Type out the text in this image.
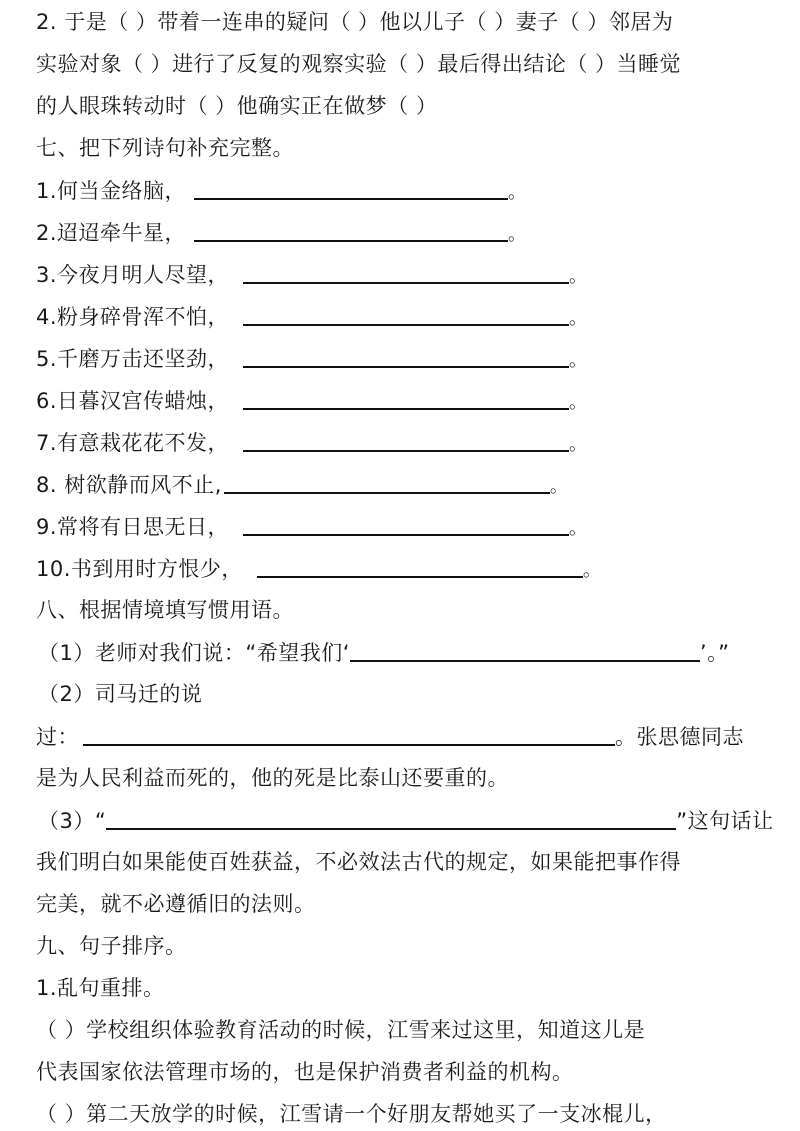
2. 于是（ ）带着一连串的疑问（ ）他以儿子（ ）妻子（ ）邻居为
实验对象（ ）进行了反复的观察实验（ ）最后得出结论（ ）当睡觉
的人眼珠转动时（ ）他确实正在做梦（ ）
七、把下列诗句补充完整。
1.何当金络脑，	。
2.迢迢牵牛星，	。
3.今夜月明人尽望，	。
4.粉身碎骨浑不怕，	。
5.千磨万击还坚劲，	。
6.日暮汉宫传蜡烛，	。
7.有意栽花花不发，	。
8. 树欲静而风不止,	。
9.常将有日思无日，	。
10.书到用时方恨少，	。
八、根据情境填写惯用语。
（1）老师对我们说：“希望我们‘	’。”
（2）司马迁的说
过：	。张思德同志
是为人民利益而死的，他的死是比泰山还要重的。
（3）“	”这句话让
我们明白如果能使百姓获益，不必效法古代的规定，如果能把事作得
完美，就不必遵循旧的法则。
九、句子排序。
1.乱句重排。
（ ）学校组织体验教育活动的时候，江雪来过这里，知道这儿是
代表国家依法管理市场的，也是保护消费者利益的机构。
（ ）第二天放学的时候，江雪请一个好朋友帮她买了一支冰棍儿，
